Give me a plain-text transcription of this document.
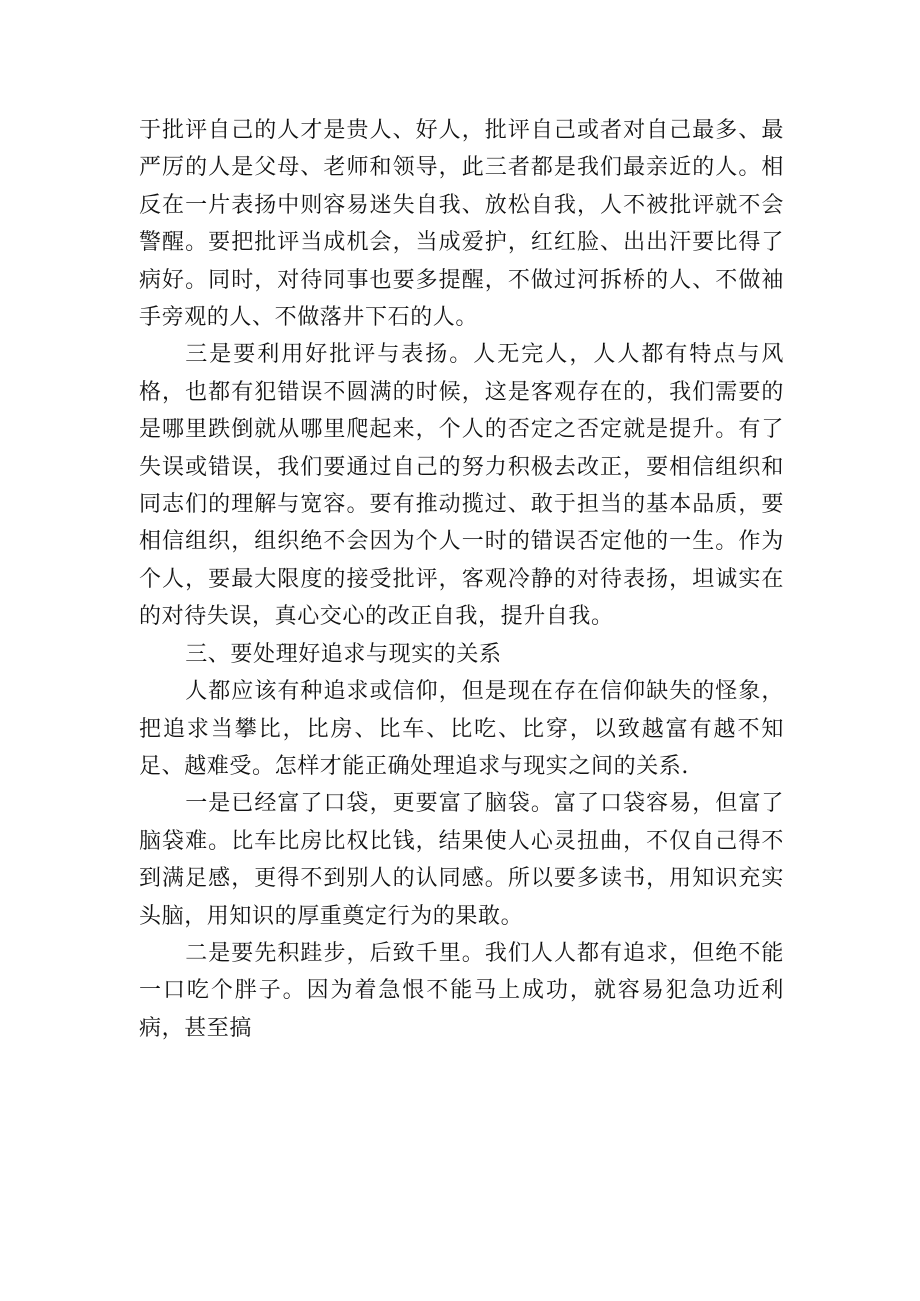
于批评自己的人才是贵人、好人，批评自己或者对自己最多、最严厉的人是父母、老师和领导，此三者都是我们最亲近的人。相反在一片表扬中则容易迷失自我、放松自我，人不被批评就不会警醒。要把批评当成机会，当成爱护，红红脸、出出汗要比得了病好。同时，对待同事也要多提醒，不做过河拆桥的人、不做袖手旁观的人、不做落井下石的人。

三是要利用好批评与表扬。人无完人，人人都有特点与风格，也都有犯错误不圆满的时候，这是客观存在的，我们需要的是哪里跌倒就从哪里爬起来，个人的否定之否定就是提升。有了失误或错误，我们要通过自己的努力积极去改正，要相信组织和同志们的理解与宽容。要有推动揽过、敢于担当的基本品质，要相信组织，组织绝不会因为个人一时的错误否定他的一生。作为个人，要最大限度的接受批评，客观冷静的对待表扬，坦诚实在的对待失误，真心交心的改正自我，提升自我。

三、要处理好追求与现实的关系

人都应该有种追求或信仰，但是现在存在信仰缺失的怪象，把追求当攀比，比房、比车、比吃、比穿，以致越富有越不知足、越难受。怎样才能正确处理追求与现实之间的关系.

一是已经富了口袋，更要富了脑袋。富了口袋容易，但富了脑袋难。比车比房比权比钱，结果使人心灵扭曲，不仅自己得不到满足感，更得不到别人的认同感。所以要多读书，用知识充实头脑，用知识的厚重奠定行为的果敢。

二是要先积跬步，后致千里。我们人人都有追求，但绝不能一口吃个胖子。因为着急恨不能马上成功，就容易犯急功近利病，甚至搞
